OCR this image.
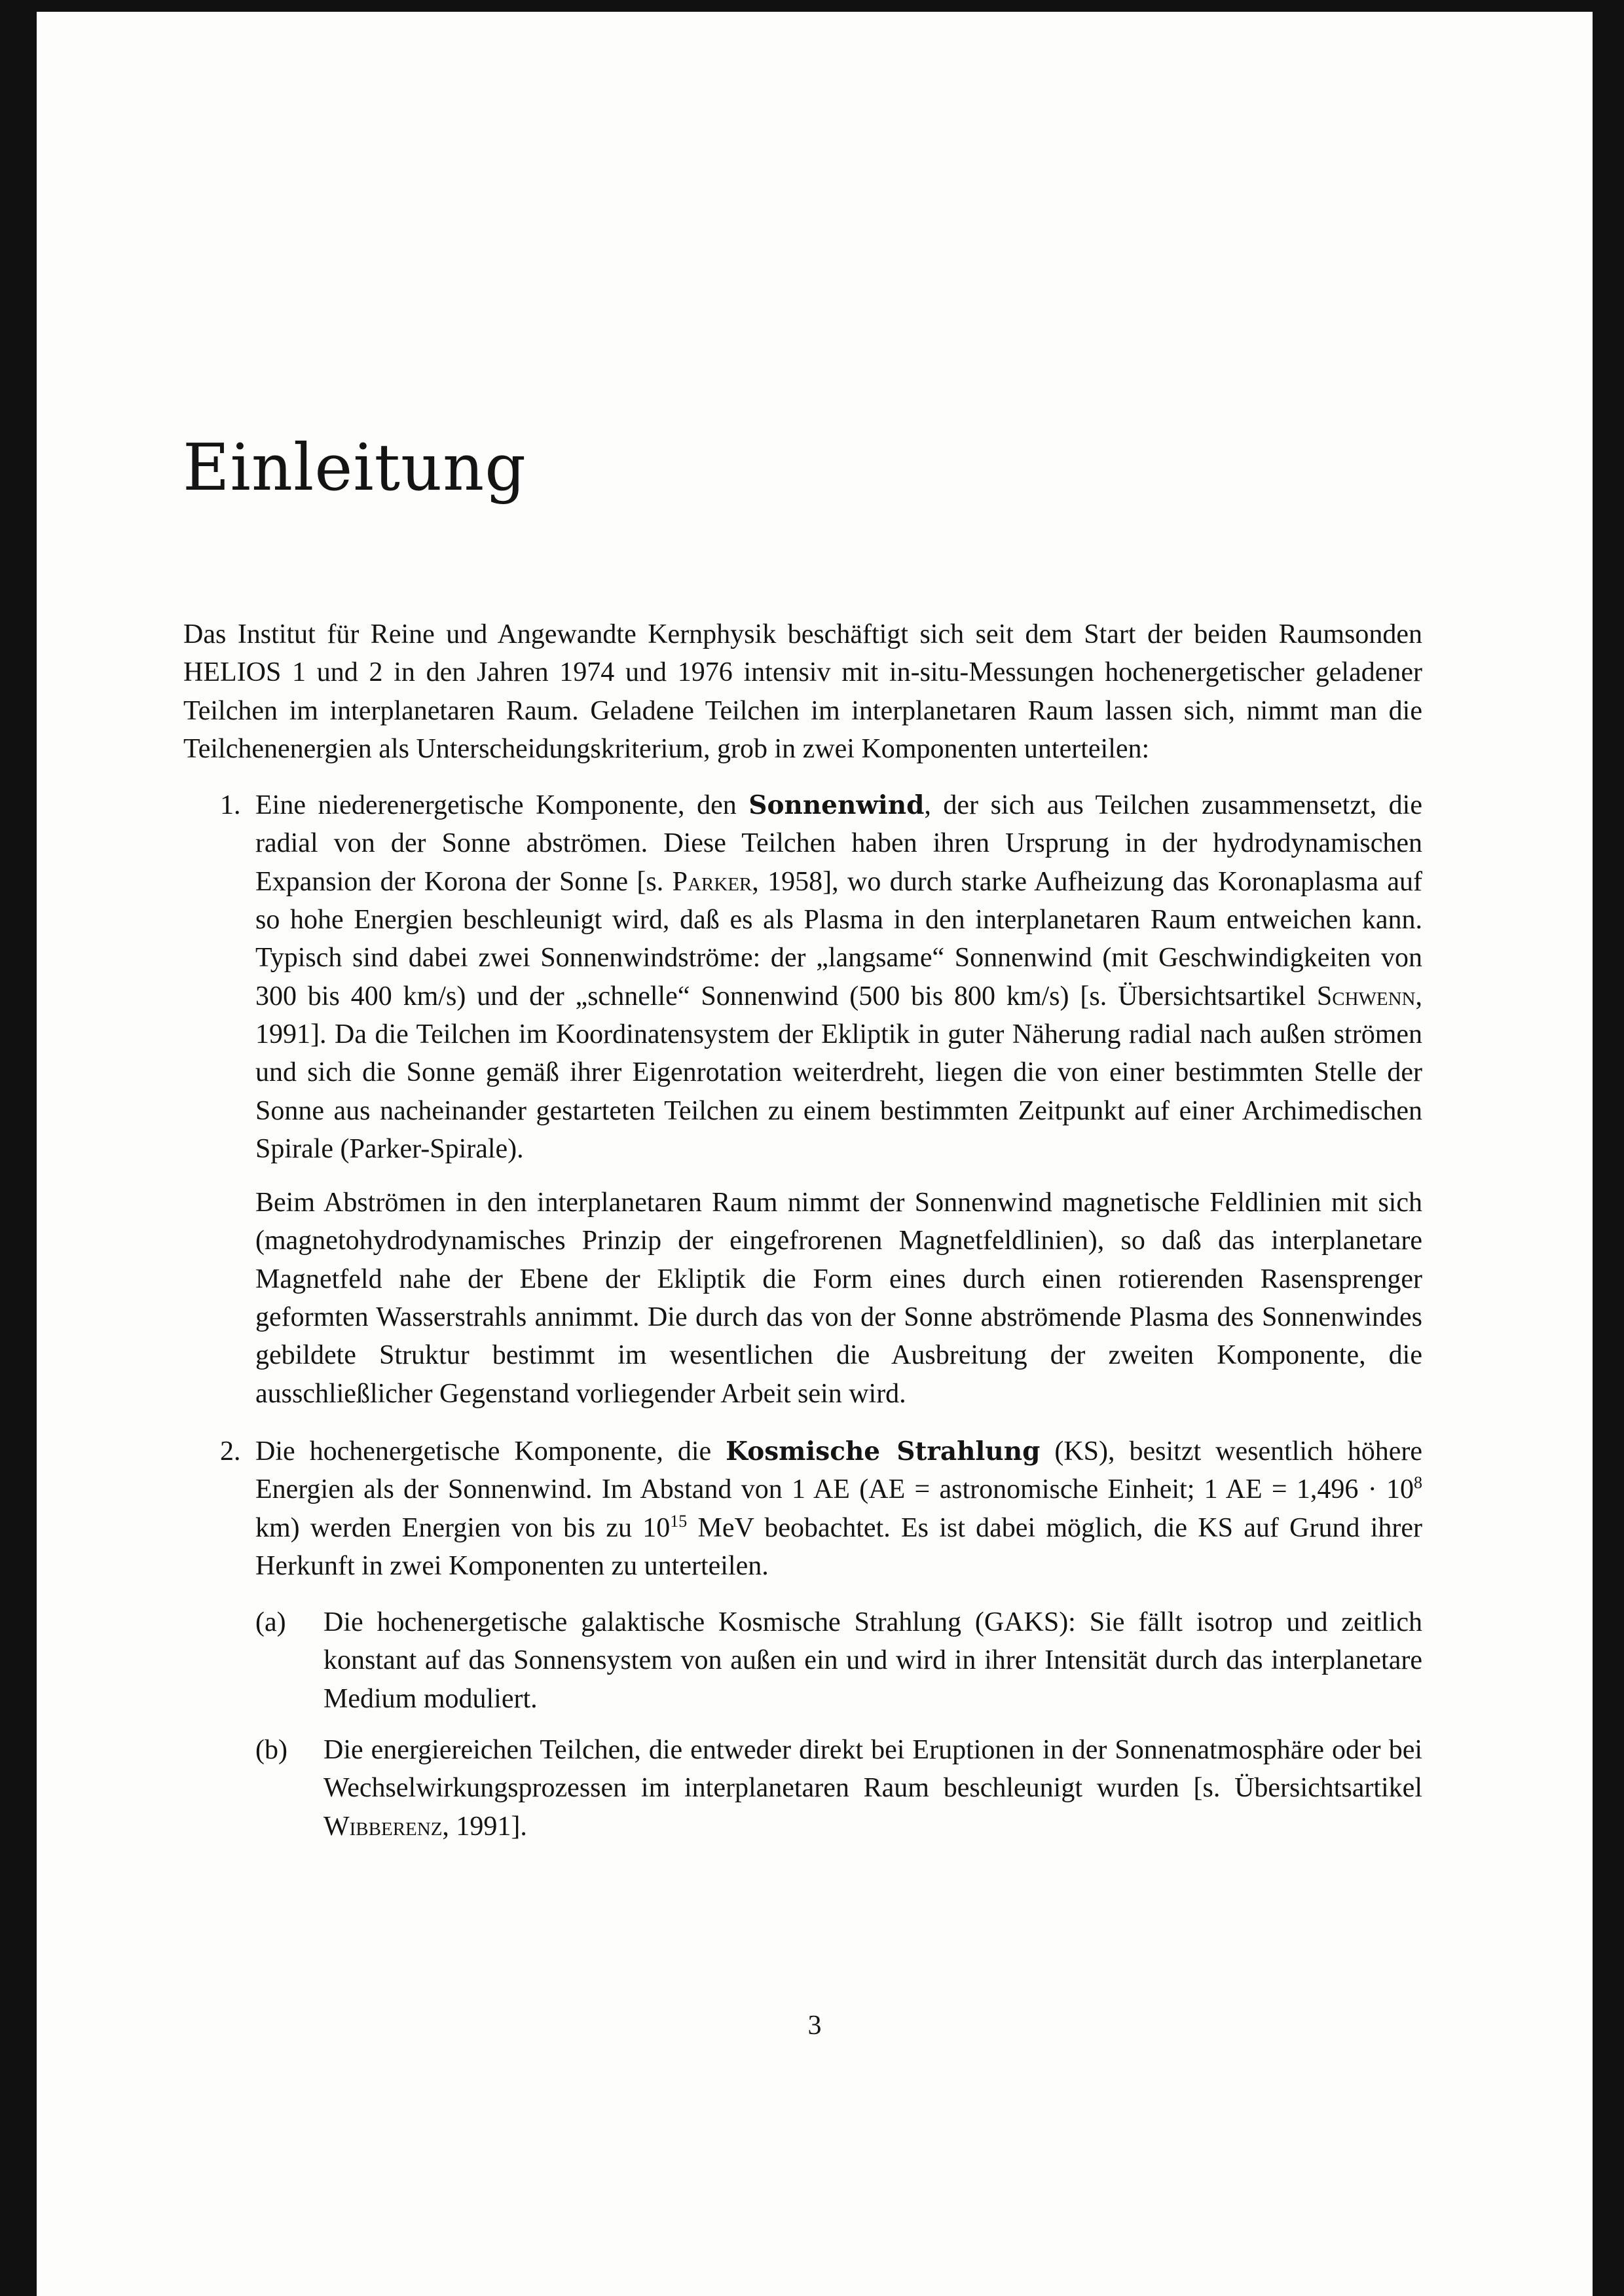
Einleitung

Das Institut für Reine und Angewandte Kernphysik beschäftigt sich seit dem Start der beiden Raumsonden HELIOS 1 und 2 in den Jahren 1974 und 1976 intensiv mit in-situ-Messungen hochenergetischer geladener Teilchen im interplanetaren Raum. Geladene Teilchen im interplanetaren Raum lassen sich, nimmt man die Teilchenenergien als Unterscheidungskriterium, grob in zwei Komponenten unterteilen:

1. Eine niederenergetische Komponente, den Sonnenwind, der sich aus Teilchen zusammensetzt, die radial von der Sonne abströmen. Diese Teilchen haben ihren Ursprung in der hydrodynamischen Expansion der Korona der Sonne [s. Parker, 1958], wo durch starke Aufheizung das Koronaplasma auf so hohe Energien beschleunigt wird, daß es als Plasma in den interplanetaren Raum entweichen kann. Typisch sind dabei zwei Sonnenwindströme: der „langsame“ Sonnenwind (mit Geschwindigkeiten von 300 bis 400 km/s) und der „schnelle“ Sonnenwind (500 bis 800 km/s) [s. Übersichtsartikel Schwenn, 1991]. Da die Teilchen im Koordinatensystem der Ekliptik in guter Näherung radial nach außen strömen und sich die Sonne gemäß ihrer Eigenrotation weiterdreht, liegen die von einer bestimmten Stelle der Sonne aus nacheinander gestarteten Teilchen zu einem bestimmten Zeitpunkt auf einer Archimedischen Spirale (Parker-Spirale).

Beim Abströmen in den interplanetaren Raum nimmt der Sonnenwind magnetische Feldlinien mit sich (magnetohydrodynamisches Prinzip der eingefrorenen Magnetfeldlinien), so daß das interplanetare Magnetfeld nahe der Ebene der Ekliptik die Form eines durch einen rotierenden Rasensprenger geformten Wasserstrahls annimmt. Die durch das von der Sonne abströmende Plasma des Sonnenwindes gebildete Struktur bestimmt im wesentlichen die Ausbreitung der zweiten Komponente, die ausschließlicher Gegenstand vorliegender Arbeit sein wird.

2. Die hochenergetische Komponente, die Kosmische Strahlung (KS), besitzt wesentlich höhere Energien als der Sonnenwind. Im Abstand von 1 AE (AE = astronomische Einheit; 1 AE = $1,496 \cdot 10^8$ km) werden Energien von bis zu $10^{15}$ MeV beobachtet. Es ist dabei möglich, die KS auf Grund ihrer Herkunft in zwei Komponenten zu unterteilen.

(a) Die hochenergetische galaktische Kosmische Strahlung (GAKS): Sie fällt isotrop und zeitlich konstant auf das Sonnensystem von außen ein und wird in ihrer Intensität durch das interplanetare Medium moduliert.

(b) Die energiereichen Teilchen, die entweder direkt bei Eruptionen in der Sonnenatmosphäre oder bei Wechselwirkungsprozessen im interplanetaren Raum beschleunigt wurden [s. Übersichtsartikel Wibberenz, 1991].

3
